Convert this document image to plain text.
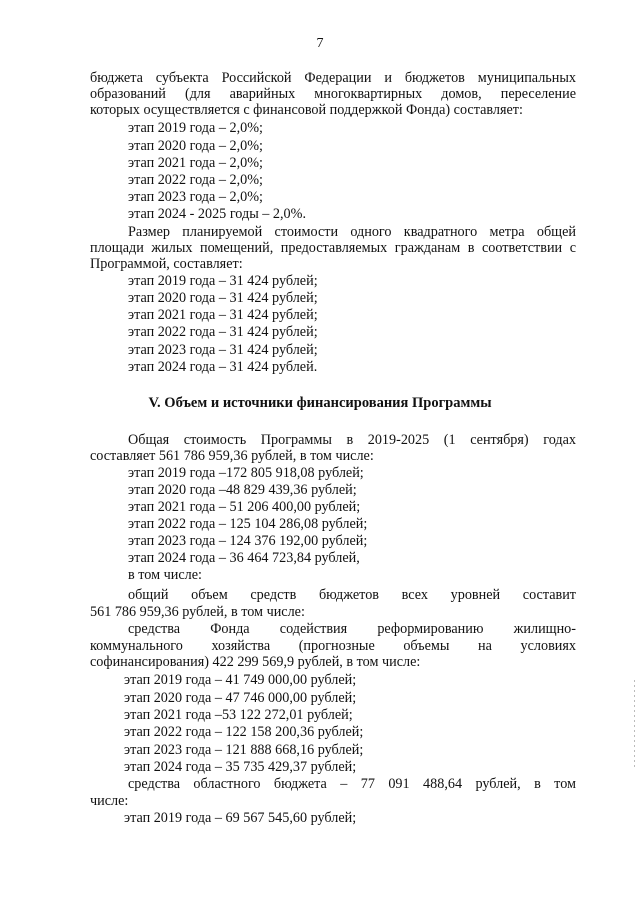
7
бюджета субъекта Российской Федерации и бюджетов муниципальных
образований (для аварийных многоквартирных домов, переселение
которых осуществляется с финансовой поддержкой Фонда) составляет:
этап 2019 года – 2,0%;
этап 2020 года – 2,0%;
этап 2021 года – 2,0%;
этап 2022 года – 2,0%;
этап 2023 года – 2,0%;
этап 2024 - 2025 годы – 2,0%.
Размер планируемой стоимости одного квадратного метра общей
площади жилых помещений, предоставляемых гражданам в соответствии с
Программой, составляет:
этап 2019 года – 31 424 рублей;
этап 2020 года – 31 424 рублей;
этап 2021 года – 31 424 рублей;
этап 2022 года – 31 424 рублей;
этап 2023 года – 31 424 рублей;
этап 2024 года – 31 424 рублей.
V. Объем и источники финансирования Программы
Общая стоимость Программы в 2019-2025 (1 сентября) годах
составляет 561 786 959,36 рублей, в том числе:
этап 2019 года –172 805 918,08 рублей;
этап 2020 года –48 829 439,36 рублей;
этап 2021 года – 51 206 400,00 рублей;
этап 2022 года – 125 104 286,08 рублей;
этап 2023 года – 124 376 192,00 рублей;
этап 2024 года – 36 464 723,84 рублей,
в том числе:
общий объем средств бюджетов всех уровней составит
561 786 959,36 рублей, в том числе:
средства Фонда содействия реформированию жилищно-
коммунального хозяйства (прогнозные объемы на условиях
софинансирования) 422 299 569,9 рублей, в том числе:
этап 2019 года – 41 749 000,00 рублей;
этап 2020 года – 47 746 000,00 рублей;
этап 2021 года –53 122 272,01 рублей;
этап 2022 года – 122 158 200,36 рублей;
этап 2023 года – 121 888 668,16 рублей;
этап 2024 года – 35 735 429,37 рублей;
средства областного бюджета – 77 091 488,64 рублей, в том
числе:
этап 2019 года – 69 567 545,60 рублей;
